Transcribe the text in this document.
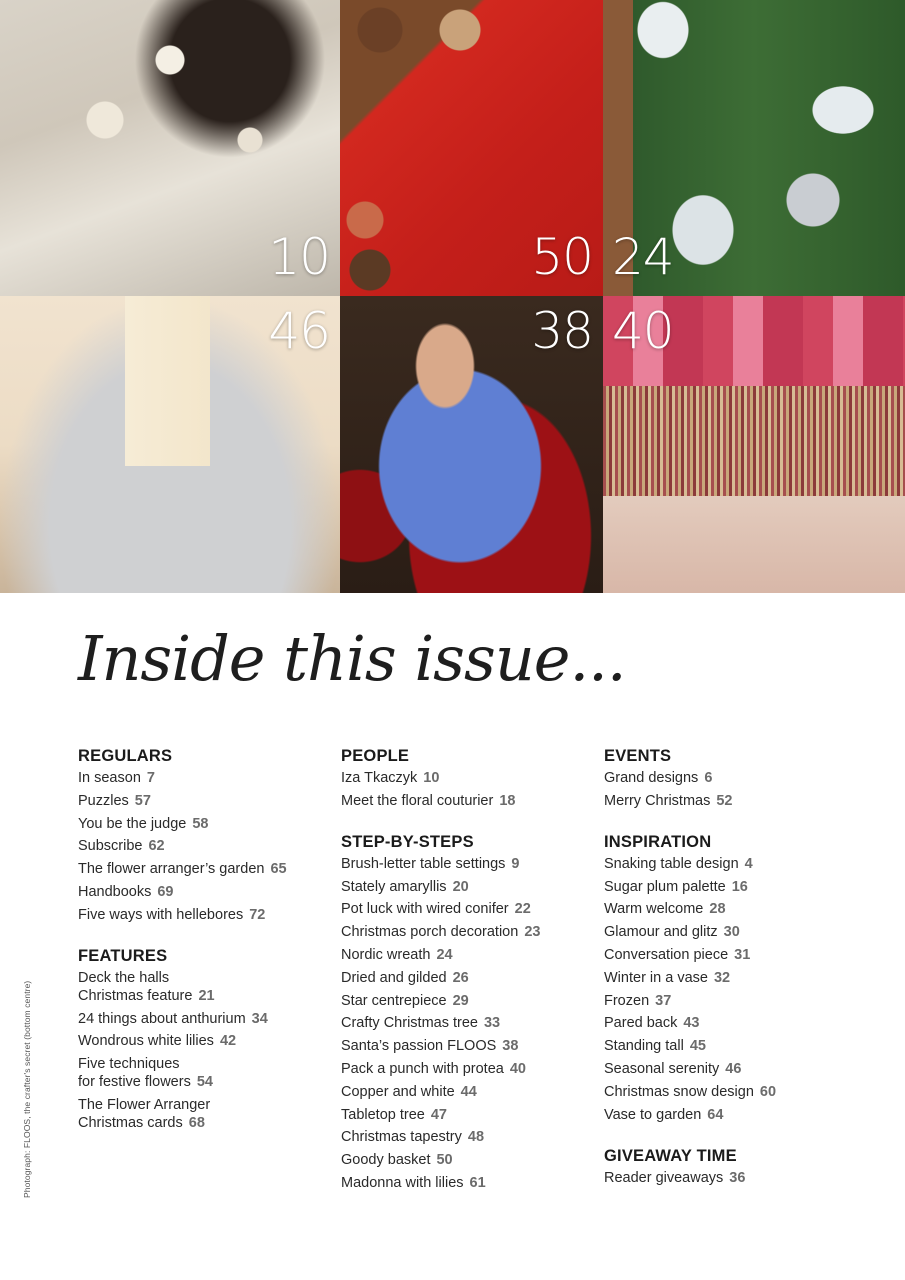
10	50 24
46	38 40
Inside this issue...
Photograph: FLOOS, the crafter's secret (bottom centre)
REGULARS
In season 7
Puzzles 57
You be the judge 58
Subscribe 62
The flower arranger’s garden 65
Handbooks 69
Five ways with hellebores 72
FEATURES
Deck the halls
Christmas feature 21
24 things about anthurium 34
Wondrous white lilies 42
Five techniques
for festive flowers 54
The Flower Arranger
Christmas cards 68
PEOPLE
Iza Tkaczyk 10
Meet the floral couturier 18
STEP-BY-STEPS
Brush-letter table settings 9
Stately amaryllis 20
Pot luck with wired conifer 22
Christmas porch decoration 23
Nordic wreath 24
Dried and gilded 26
Star centrepiece 29
Crafty Christmas tree 33
Santa’s passion FLOOS 38
Pack a punch with protea 40
Copper and white 44
Tabletop tree 47
Christmas tapestry 48
Goody basket 50
Madonna with lilies 61
EVENTS
Grand designs 6
Merry Christmas 52
INSPIRATION
Snaking table design 4
Sugar plum palette 16
Warm welcome 28
Glamour and glitz 30
Conversation piece 31
Winter in a vase 32
Frozen 37
Pared back 43
Standing tall 45
Seasonal serenity 46
Christmas snow design 60
Vase to garden 64
GIVEAWAY TIME
Reader giveaways 36
